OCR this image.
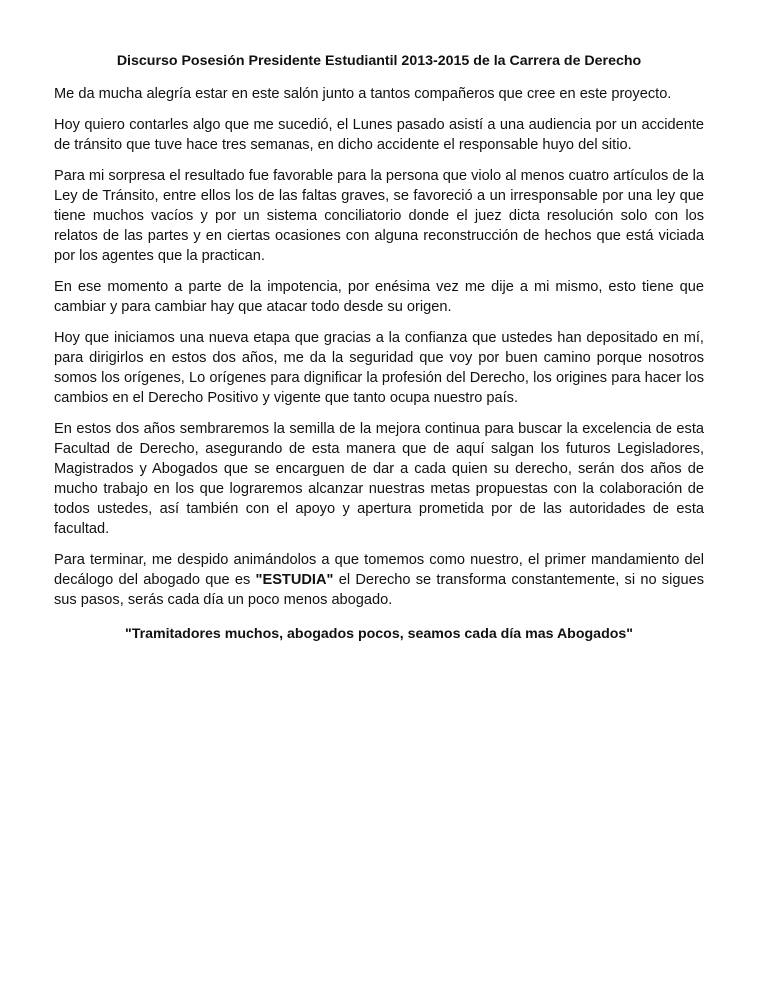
Discurso Posesión Presidente Estudiantil 2013-2015 de la Carrera de Derecho

Me da mucha alegría estar en este salón junto a tantos compañeros que cree en este proyecto.

Hoy quiero contarles algo que me sucedió, el Lunes pasado asistí a una audiencia por un accidente de tránsito que tuve hace tres semanas, en dicho accidente el responsable huyo del sitio.

Para mi sorpresa el resultado fue favorable para la persona que violo al menos cuatro artículos de la Ley de Tránsito, entre ellos los de las faltas graves, se favoreció a un irresponsable por una ley que tiene muchos vacíos y por un sistema conciliatorio donde el juez dicta resolución solo con los relatos de las partes y en ciertas ocasiones con alguna reconstrucción de hechos que está viciada por los agentes que la practican.

En ese momento a parte de la impotencia, por enésima vez me dije a mi mismo, esto tiene que cambiar y para cambiar hay que atacar todo desde su origen.

Hoy que iniciamos una nueva etapa que gracias a la confianza que ustedes han depositado en mí, para dirigirlos en estos dos años, me da la seguridad que voy por buen camino porque nosotros somos los orígenes, Lo orígenes para dignificar la profesión del Derecho, los origines para hacer los cambios en el Derecho Positivo y vigente que tanto ocupa nuestro país.

En estos dos años sembraremos la semilla de la mejora continua para buscar la excelencia de esta Facultad de Derecho, asegurando de esta manera que de aquí salgan los futuros Legisladores, Magistrados y Abogados que se encarguen de dar a cada quien su derecho, serán dos años de mucho trabajo en los que lograremos alcanzar nuestras metas propuestas con la colaboración de todos ustedes, así también con el apoyo y apertura prometida por de las autoridades de esta facultad.

Para terminar, me despido animándolos a que tomemos como nuestro, el primer mandamiento del decálogo del abogado que es "ESTUDIA" el Derecho se transforma constantemente, si no sigues sus pasos, serás cada día un poco menos abogado.

"Tramitadores muchos, abogados pocos, seamos cada día mas Abogados"
